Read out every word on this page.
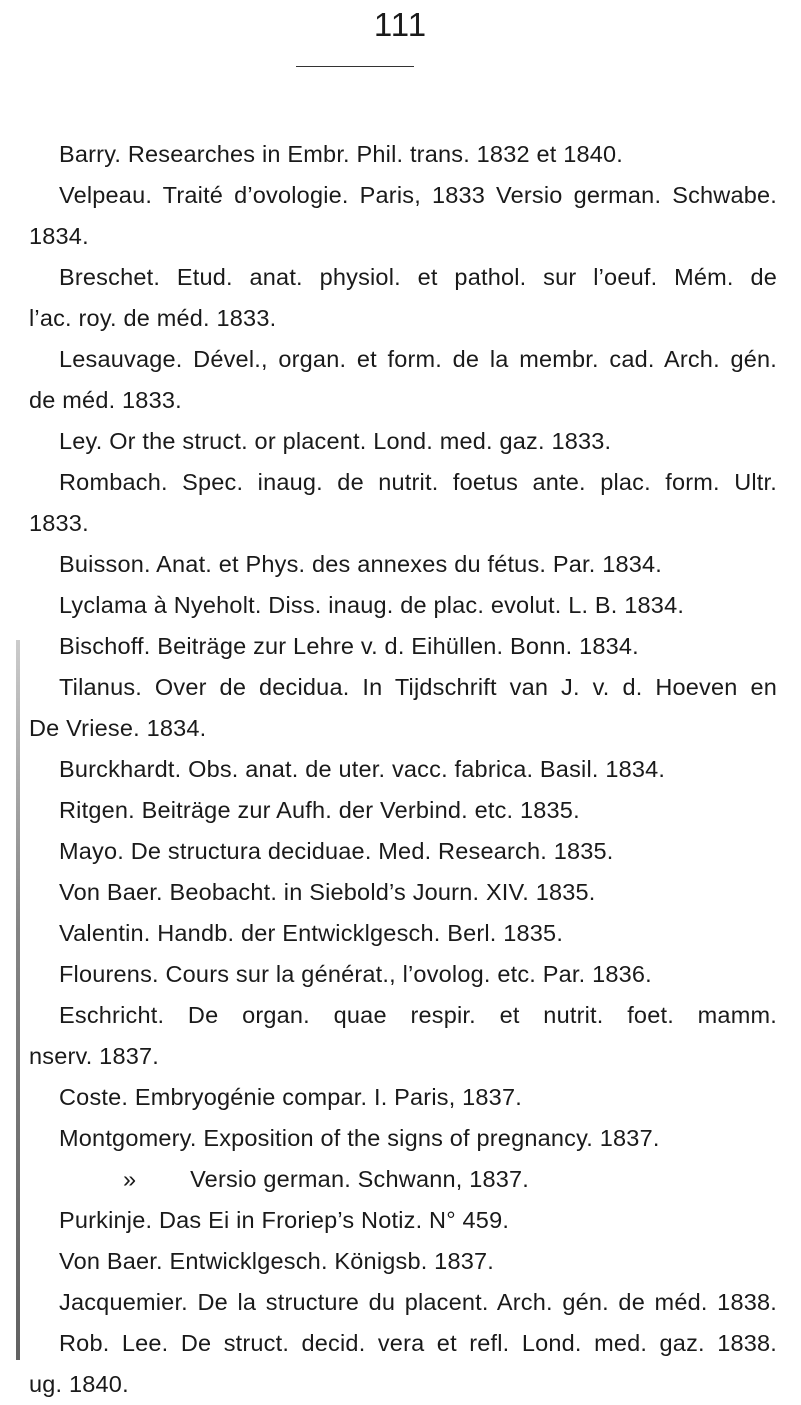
111
Barry. Researches in Embr. Phil. trans. 1832 et 1840.
Velpeau. Traité d’ovologie. Paris, 1833 Versio german. Schwabe.
1834.
Breschet. Etud. anat. physiol. et pathol. sur l’oeuf. Mém. de
l’ac. roy. de méd. 1833.
Lesauvage. Dével., organ. et form. de la membr. cad. Arch. gén.
de méd. 1833.
Ley. Or the struct. or placent. Lond. med. gaz. 1833.
Rombach. Spec. inaug. de nutrit. foetus ante. plac. form. Ultr.
1833.
Buisson. Anat. et Phys. des annexes du fétus. Par. 1834.
Lyclama à Nyeholt. Diss. inaug. de plac. evolut. L. B. 1834.
Bischoff. Beiträge zur Lehre v. d. Eihüllen. Bonn. 1834.
Tilanus. Over de decidua. In Tijdschrift van J. v. d. Hoeven en
De Vriese. 1834.
Burckhardt. Obs. anat. de uter. vacc. fabrica. Basil. 1834.
Ritgen. Beiträge zur Aufh. der Verbind. etc. 1835.
Mayo. De structura deciduae. Med. Research. 1835.
Von Baer. Beobacht. in Siebold’s Journ. XIV. 1835.
Valentin. Handb. der Entwicklgesch. Berl. 1835.
Flourens. Cours sur la générat., l’ovolog. etc. Par. 1836.
Eschricht. De organ. quae respir. et nutrit. foet. mamm.
nserv. 1837.
Coste. Embryogénie compar. I. Paris, 1837.
Montgomery. Exposition of the signs of pregnancy. 1837.
»        Versio german. Schwann, 1837.
Purkinje. Das Ei in Froriep’s Notiz. N° 459.
Von Baer. Entwicklgesch. Königsb. 1837.
Jacquemier. De la structure du placent. Arch. gén. de méd. 1838.
Rob. Lee. De struct. decid. vera et refl. Lond. med. gaz. 1838.
ug. 1840.
